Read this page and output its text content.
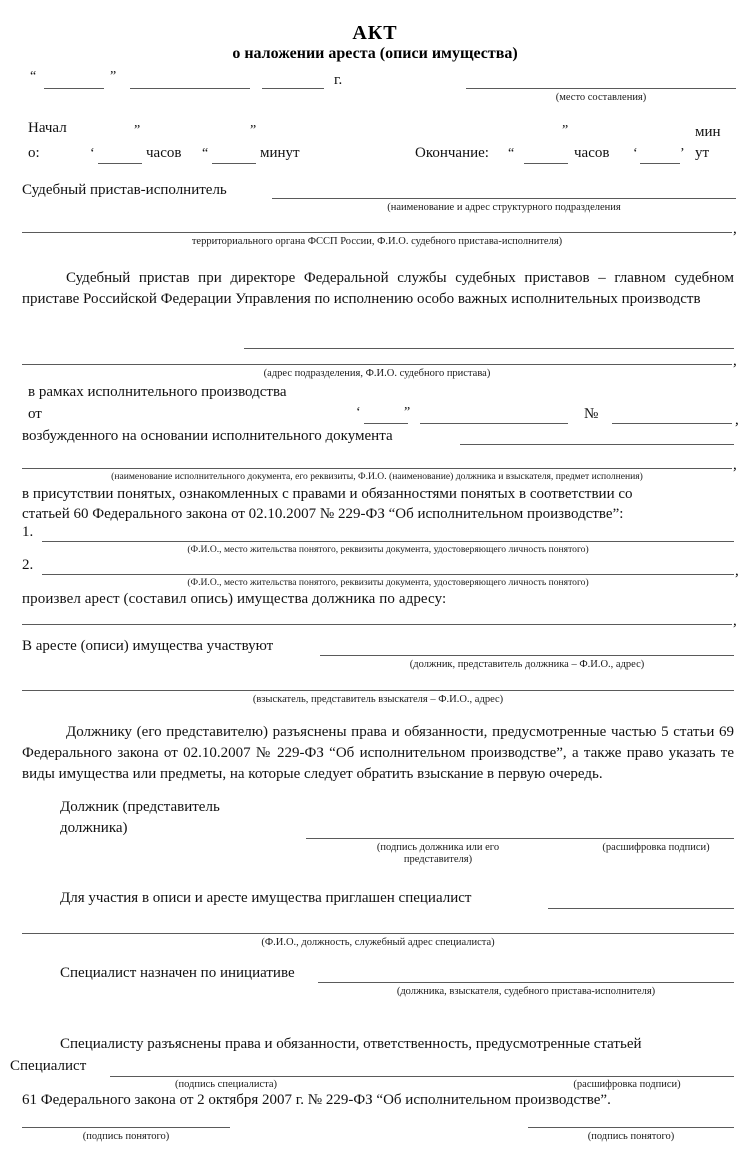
АКТ
о наложении ареста (описи имущества)
“	”	г.
(место составления)
Начал
о:	‘
”
часов “
”
минут	Окончание: “
”
часов ‘	’
мин
ут
Судебный пристав-исполнитель
(наименование и адрес структурного подразделения
,
территориального органа ФССП России, Ф.И.О. судебного пристава-исполнителя)
Судебный пристав при директоре Федеральной службы судебных приставов – главном судебном приставе Российской Федерации Управления по исполнению особо важных исполнительных производств
,
(адрес подразделения, Ф.И.О. судебного пристава)
в рамках исполнительного производства
от	‘	”	№	,
возбужденного на основании исполнительного документа
,
(наименование исполнительного документа, его реквизиты, Ф.И.О. (наименование) должника и взыскателя, предмет исполнения)
в присутствии понятых, ознакомленных с правами и обязанностями понятых в соответствии со
статьей 60 Федерального закона от 02.10.2007 № 229-ФЗ “Об исполнительном производстве”:
1.
(Ф.И.О., место жительства понятого, реквизиты документа, удостоверяющего личность понятого)
2.	,
(Ф.И.О., место жительства понятого, реквизиты документа, удостоверяющего личность понятого)
произвел арест (составил опись) имущества должника по адресу:
,
В аресте (описи) имущества участвуют
(должник, представитель должника – Ф.И.О., адрес)
(взыскатель, представитель взыскателя – Ф.И.О., адрес)
Должнику (его представителю) разъяснены права и обязанности, предусмотренные частью 5 статьи 69 Федерального закона от 02.10.2007 № 229-ФЗ “Об исполнительном производстве”, а также право указать те виды имущества или предметы, на которые следует обратить взыскание в первую очередь.
Должник (представитель
должника)
(подпись должника или его
представителя)
(расшифровка подписи)
Для участия в описи и аресте имущества приглашен специалист
(Ф.И.О., должность, служебный адрес специалиста)
Специалист назначен по инициативе
(должника, взыскателя, судебного пристава-исполнителя)
Специалисту разъяснены права и обязанности, ответственность, предусмотренные статьей
Специалист
(подпись специалиста)	(расшифровка подписи)
61 Федерального закона от 2 октября 2007 г. № 229-ФЗ “Об исполнительном производстве”.
(подпись понятого)	(подпись понятого)
